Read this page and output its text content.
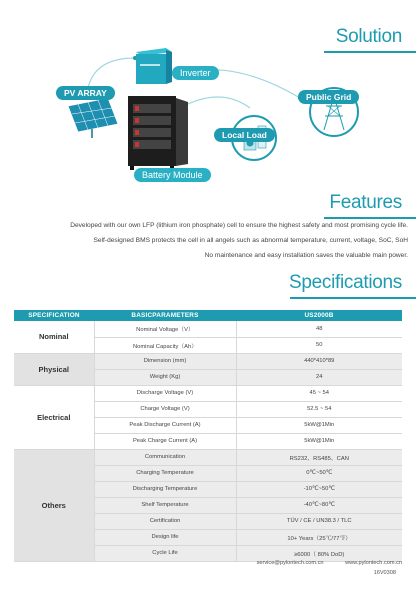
Solution
Inverter
PV ARRAY	Public Grid
Local Load
Battery Module
Features

Developed with our own LFP (lithium iron phosphate) cell to ensure the highest safety and most promising cycle life.

Self-designed BMS protects the cell in all angels such as abnormal temperature, current, voltage, SoC, SoH

No maintenance and easy installation saves the valuable main power.

Specifications
SPECIFICATION	BASICPARAMETERS	US2000B
Nominal	Nominal Voltage（V）	48
	Nominal Capacity（Ah）	50
Physical	Dimension (mm)	440*410*89
	Weight (Kg)	24
Electrical	Discharge Voltage (V)	45 ~ 54
	Charge Voltage (V)	52.5 ~ 54
	Peak Discharge Current (A)	5kW@1Min
	Peak Charge Current (A)	5kW@1Min
Others	Communication	RS232、RS485、CAN
	Charging Temperature	0℃~50℃
	Discharging Temperature	-10℃~50℃
	Shelf Temperature	-40℃~80℃
	Certification	TÜV / CE / UN38.3 / TLC
	Design life	10+ Years（25℃/77℉）
	Cycle Life	≥6000（ 80% DoD)
service@pylontech.com.cn	www.pylontech.com.cn
16V0308
